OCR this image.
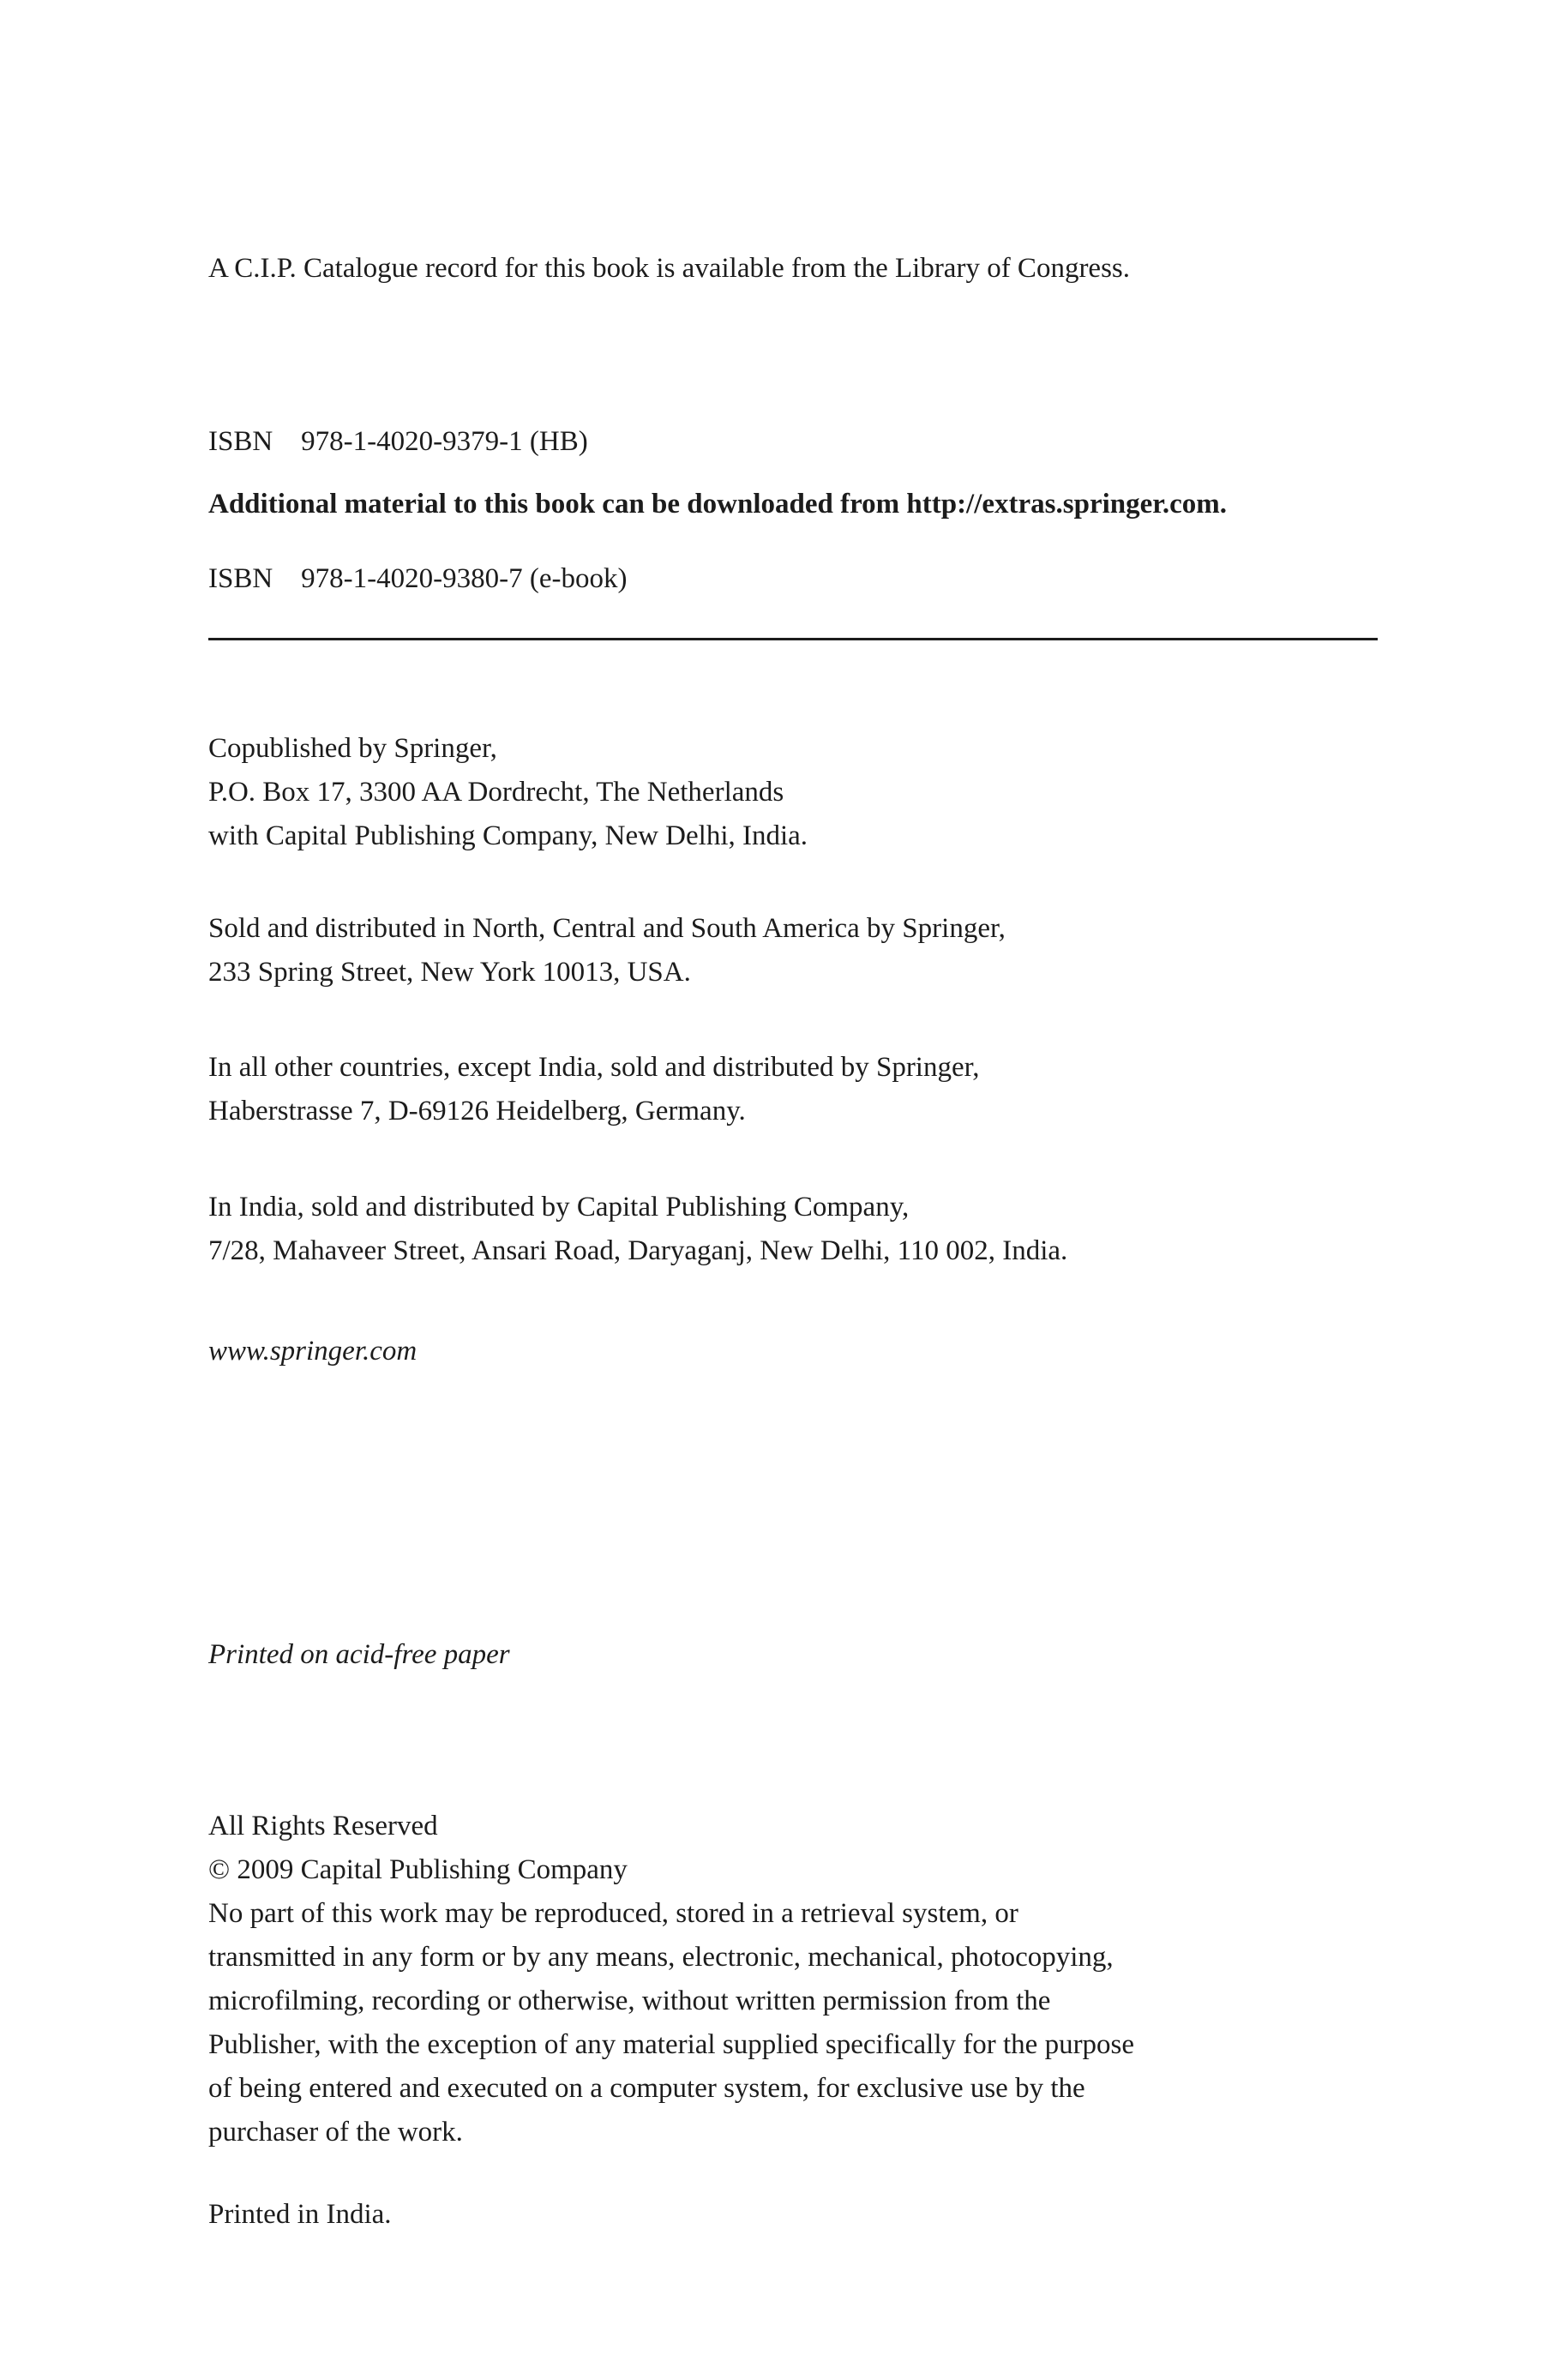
A C.I.P. Catalogue record for this book is available from the Library of Congress.
ISBN    978-1-4020-9379-1 (HB)
Additional material to this book can be downloaded from http://extras.springer.com.
ISBN    978-1-4020-9380-7 (e-book)
Copublished by Springer,
P.O. Box 17, 3300 AA Dordrecht, The Netherlands
with Capital Publishing Company, New Delhi, India.
Sold and distributed in North, Central and South America by Springer,
233 Spring Street, New York 10013, USA.
In all other countries, except India, sold and distributed by Springer,
Haberstrasse 7, D-69126 Heidelberg, Germany.
In India, sold and distributed by Capital Publishing Company,
7/28, Mahaveer Street, Ansari Road, Daryaganj, New Delhi, 110 002, India.
www.springer.com
Printed on acid-free paper
All Rights Reserved
© 2009 Capital Publishing Company
No part of this work may be reproduced, stored in a retrieval system, or
transmitted in any form or by any means, electronic, mechanical, photocopying,
microfilming, recording or otherwise, without written permission from the
Publisher, with the exception of any material supplied specifically for the purpose
of being entered and executed on a computer system, for exclusive use by the
purchaser of the work.
Printed in India.
